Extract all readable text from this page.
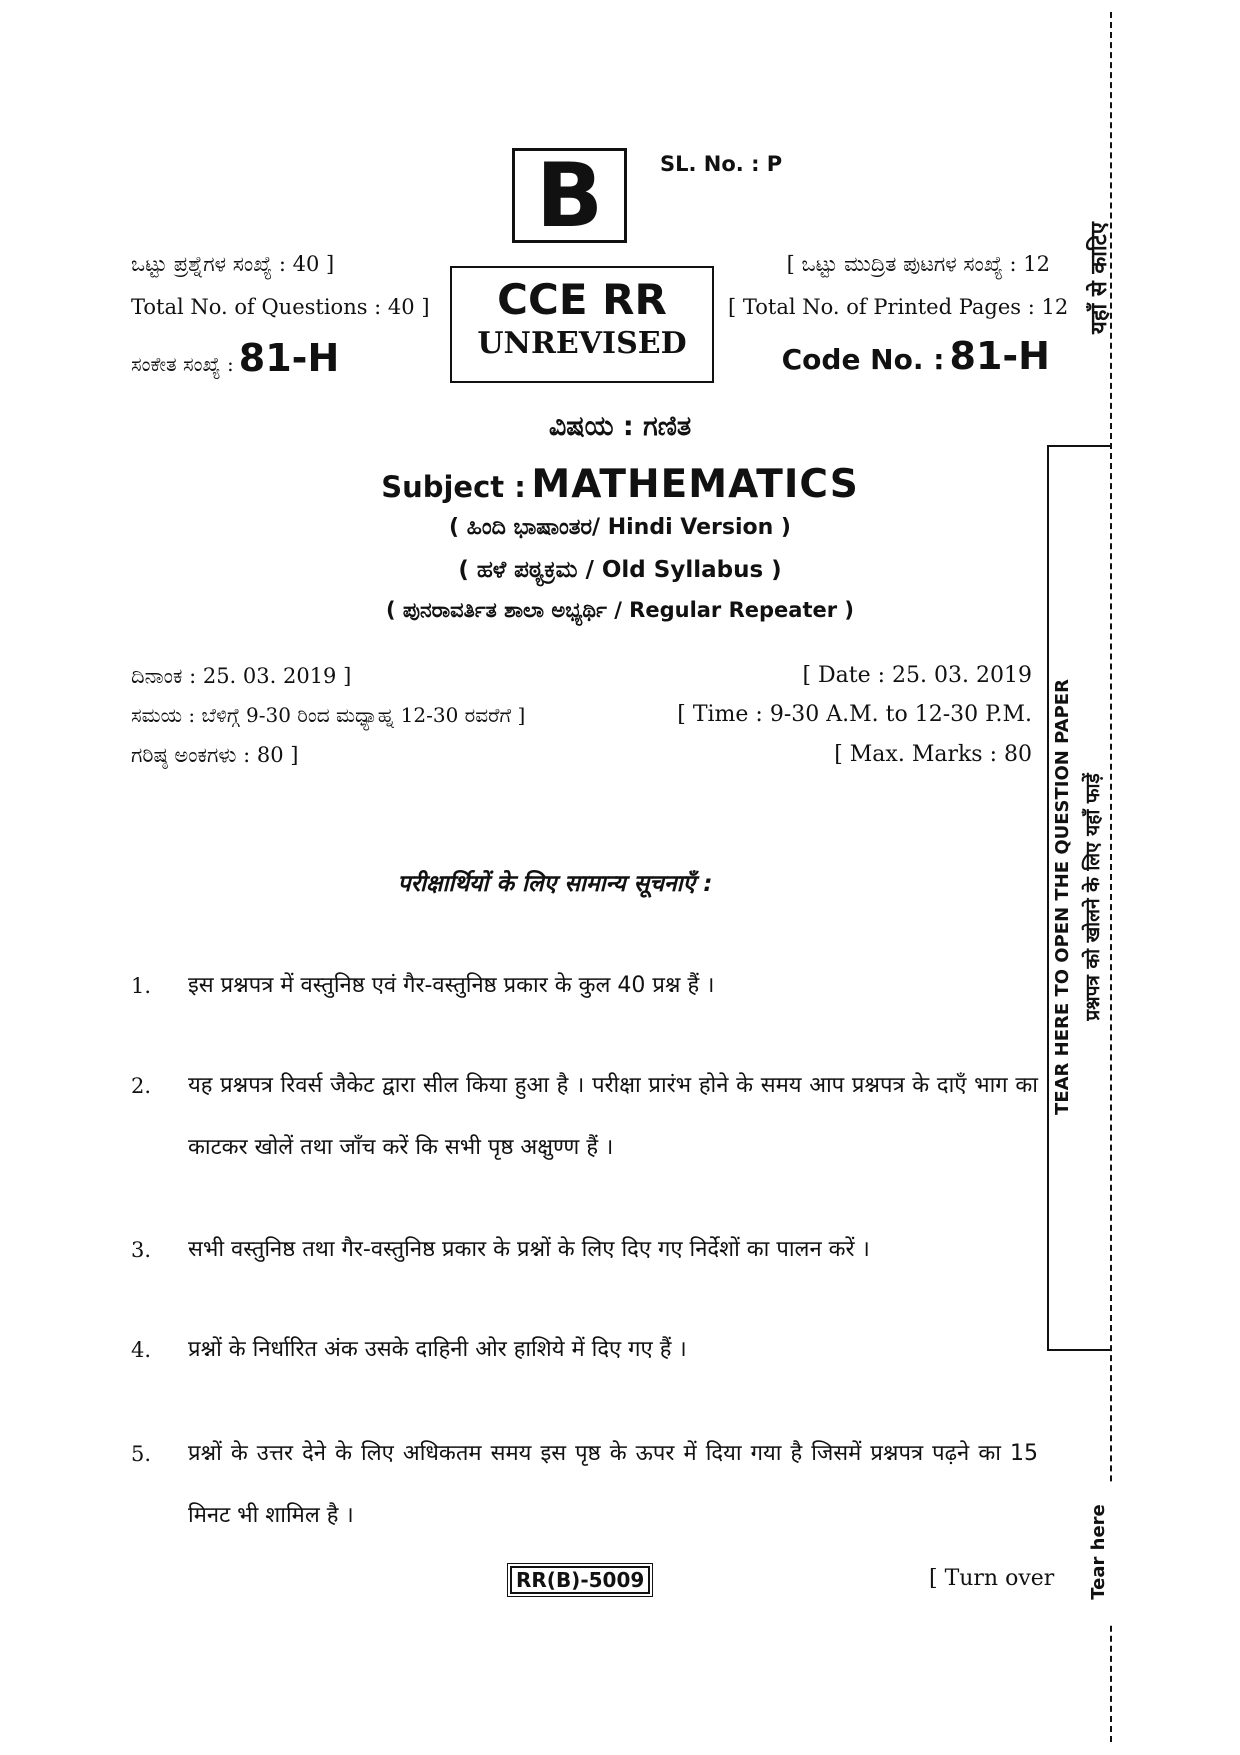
B	SL. No. : P
CCE RR
UNREVISED
ಒಟ್ಟು ಪ್ರಶ್ನೆಗಳ ಸಂಖ್ಯೆ : 40 ]
Total No. of Questions : 40 ]
ಸಂಕೇತ ಸಂಖ್ಯೆ : 81-H
[ ಒಟ್ಟು ಮುದ್ರಿತ ಪುಟಗಳ ಸಂಖ್ಯೆ : 12
[ Total No. of Printed Pages : 12
Code No. : 81-H
ವಿಷಯ : ಗಣಿತ
Subject : MATHEMATICS
( ಹಿಂದಿ ಭಾಷಾಂತರ/ Hindi Version )
( ಹಳೆ ಪಠ್ಯಕ್ರಮ / Old Syllabus )
( ಪುನರಾವರ್ತಿತ ಶಾಲಾ ಅಭ್ಯರ್ಥಿ / Regular Repeater )
ದಿನಾಂಕ : 25. 03. 2019 ]
ಸಮಯ : ಬೆಳಿಗ್ಗೆ 9-30 ರಿಂದ ಮಧ್ಯಾಹ್ನ 12-30 ರವರೆಗೆ ]
ಗರಿಷ್ಠ ಅಂಕಗಳು : 80 ]
[ Date : 25. 03. 2019
[ Time : 9-30 A.M. to 12-30 P.M.
[ Max. Marks : 80
परीक्षार्थियों के लिए सामान्य सूचनाएँ :
1. इस प्रश्नपत्र में वस्तुनिष्ठ एवं गैर-वस्तुनिष्ठ प्रकार के कुल 40 प्रश्न हैं ।
2. यह प्रश्नपत्र रिवर्स जैकेट द्वारा सील किया हुआ है । परीक्षा प्रारंभ होने के समय आप प्रश्नपत्र के दाएँ भाग का काटकर खोलें तथा जाँच करें कि सभी पृष्ठ अक्षुण्ण हैं ।
3. सभी वस्तुनिष्ठ तथा गैर-वस्तुनिष्ठ प्रकार के प्रश्नों के लिए दिए गए निर्देशों का पालन करें ।
4. प्रश्नों के निर्धारित अंक उसके दाहिनी ओर हाशिये में दिए गए हैं ।
5. प्रश्नों के उत्तर देने के लिए अधिकतम समय इस पृष्ठ के ऊपर में दिया गया है जिसमें प्रश्नपत्र पढ़ने का 15 मिनट भी शामिल है ।
RR(B)-5009	[ Turn over
यहाँ से काटिए
TEAR HERE TO OPEN THE QUESTION PAPER प्रश्नपत्र को खोलने के लिए यहाँ फाड़ें
Tear here
